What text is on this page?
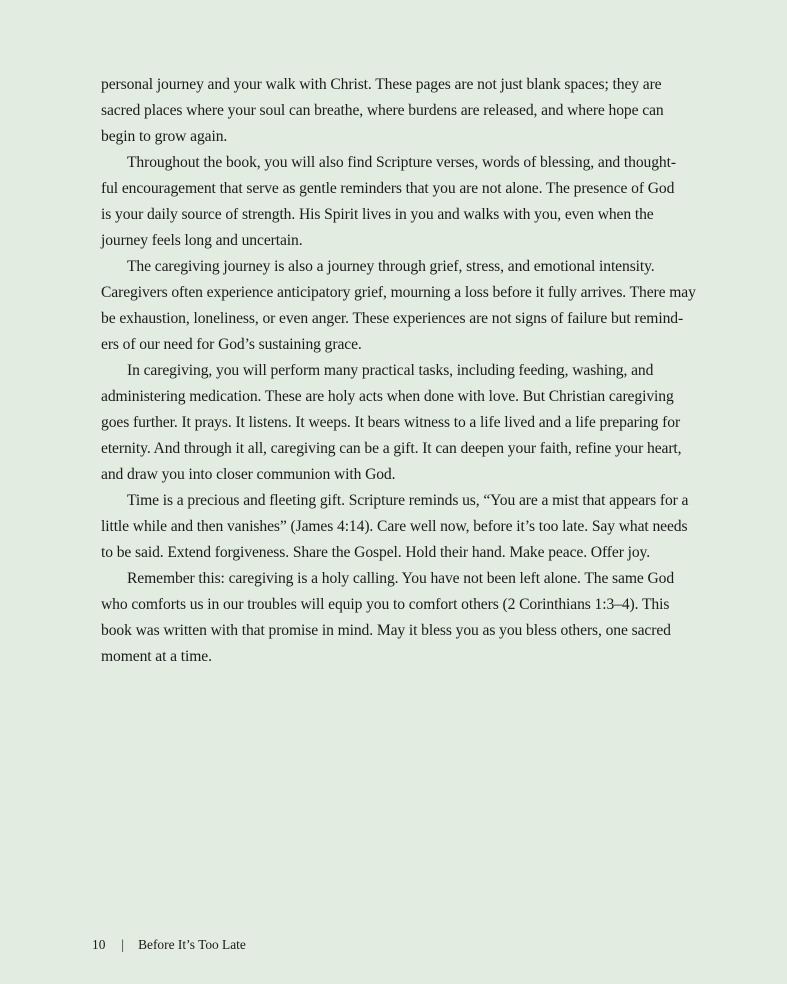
personal journey and your walk with Christ. These pages are not just blank spaces; they are
sacred places where your soul can breathe, where burdens are released, and where hope can
begin to grow again.
Throughout the book, you will also find Scripture verses, words of blessing, and thought-
ful encouragement that serve as gentle reminders that you are not alone. The presence of God
is your daily source of strength. His Spirit lives in you and walks with you, even when the
journey feels long and uncertain.
The caregiving journey is also a journey through grief, stress, and emotional intensity.
Caregivers often experience anticipatory grief, mourning a loss before it fully arrives. There may
be exhaustion, loneliness, or even anger. These experiences are not signs of failure but remind-
ers of our need for God’s sustaining grace.
In caregiving, you will perform many practical tasks, including feeding, washing, and
administering medication. These are holy acts when done with love. But Christian caregiving
goes further. It prays. It listens. It weeps. It bears witness to a life lived and a life preparing for
eternity. And through it all, caregiving can be a gift. It can deepen your faith, refine your heart,
and draw you into closer communion with God.
Time is a precious and fleeting gift. Scripture reminds us, “You are a mist that appears for a
little while and then vanishes” (James 4:14). Care well now, before it’s too late. Say what needs
to be said. Extend forgiveness. Share the Gospel. Hold their hand. Make peace. Offer joy.
Remember this: caregiving is a holy calling. You have not been left alone. The same God
who comforts us in our troubles will equip you to comfort others (2 Corinthians 1:3–4). This
book was written with that promise in mind. May it bless you as you bless others, one sacred
moment at a time.
10 | Before It’s Too Late
